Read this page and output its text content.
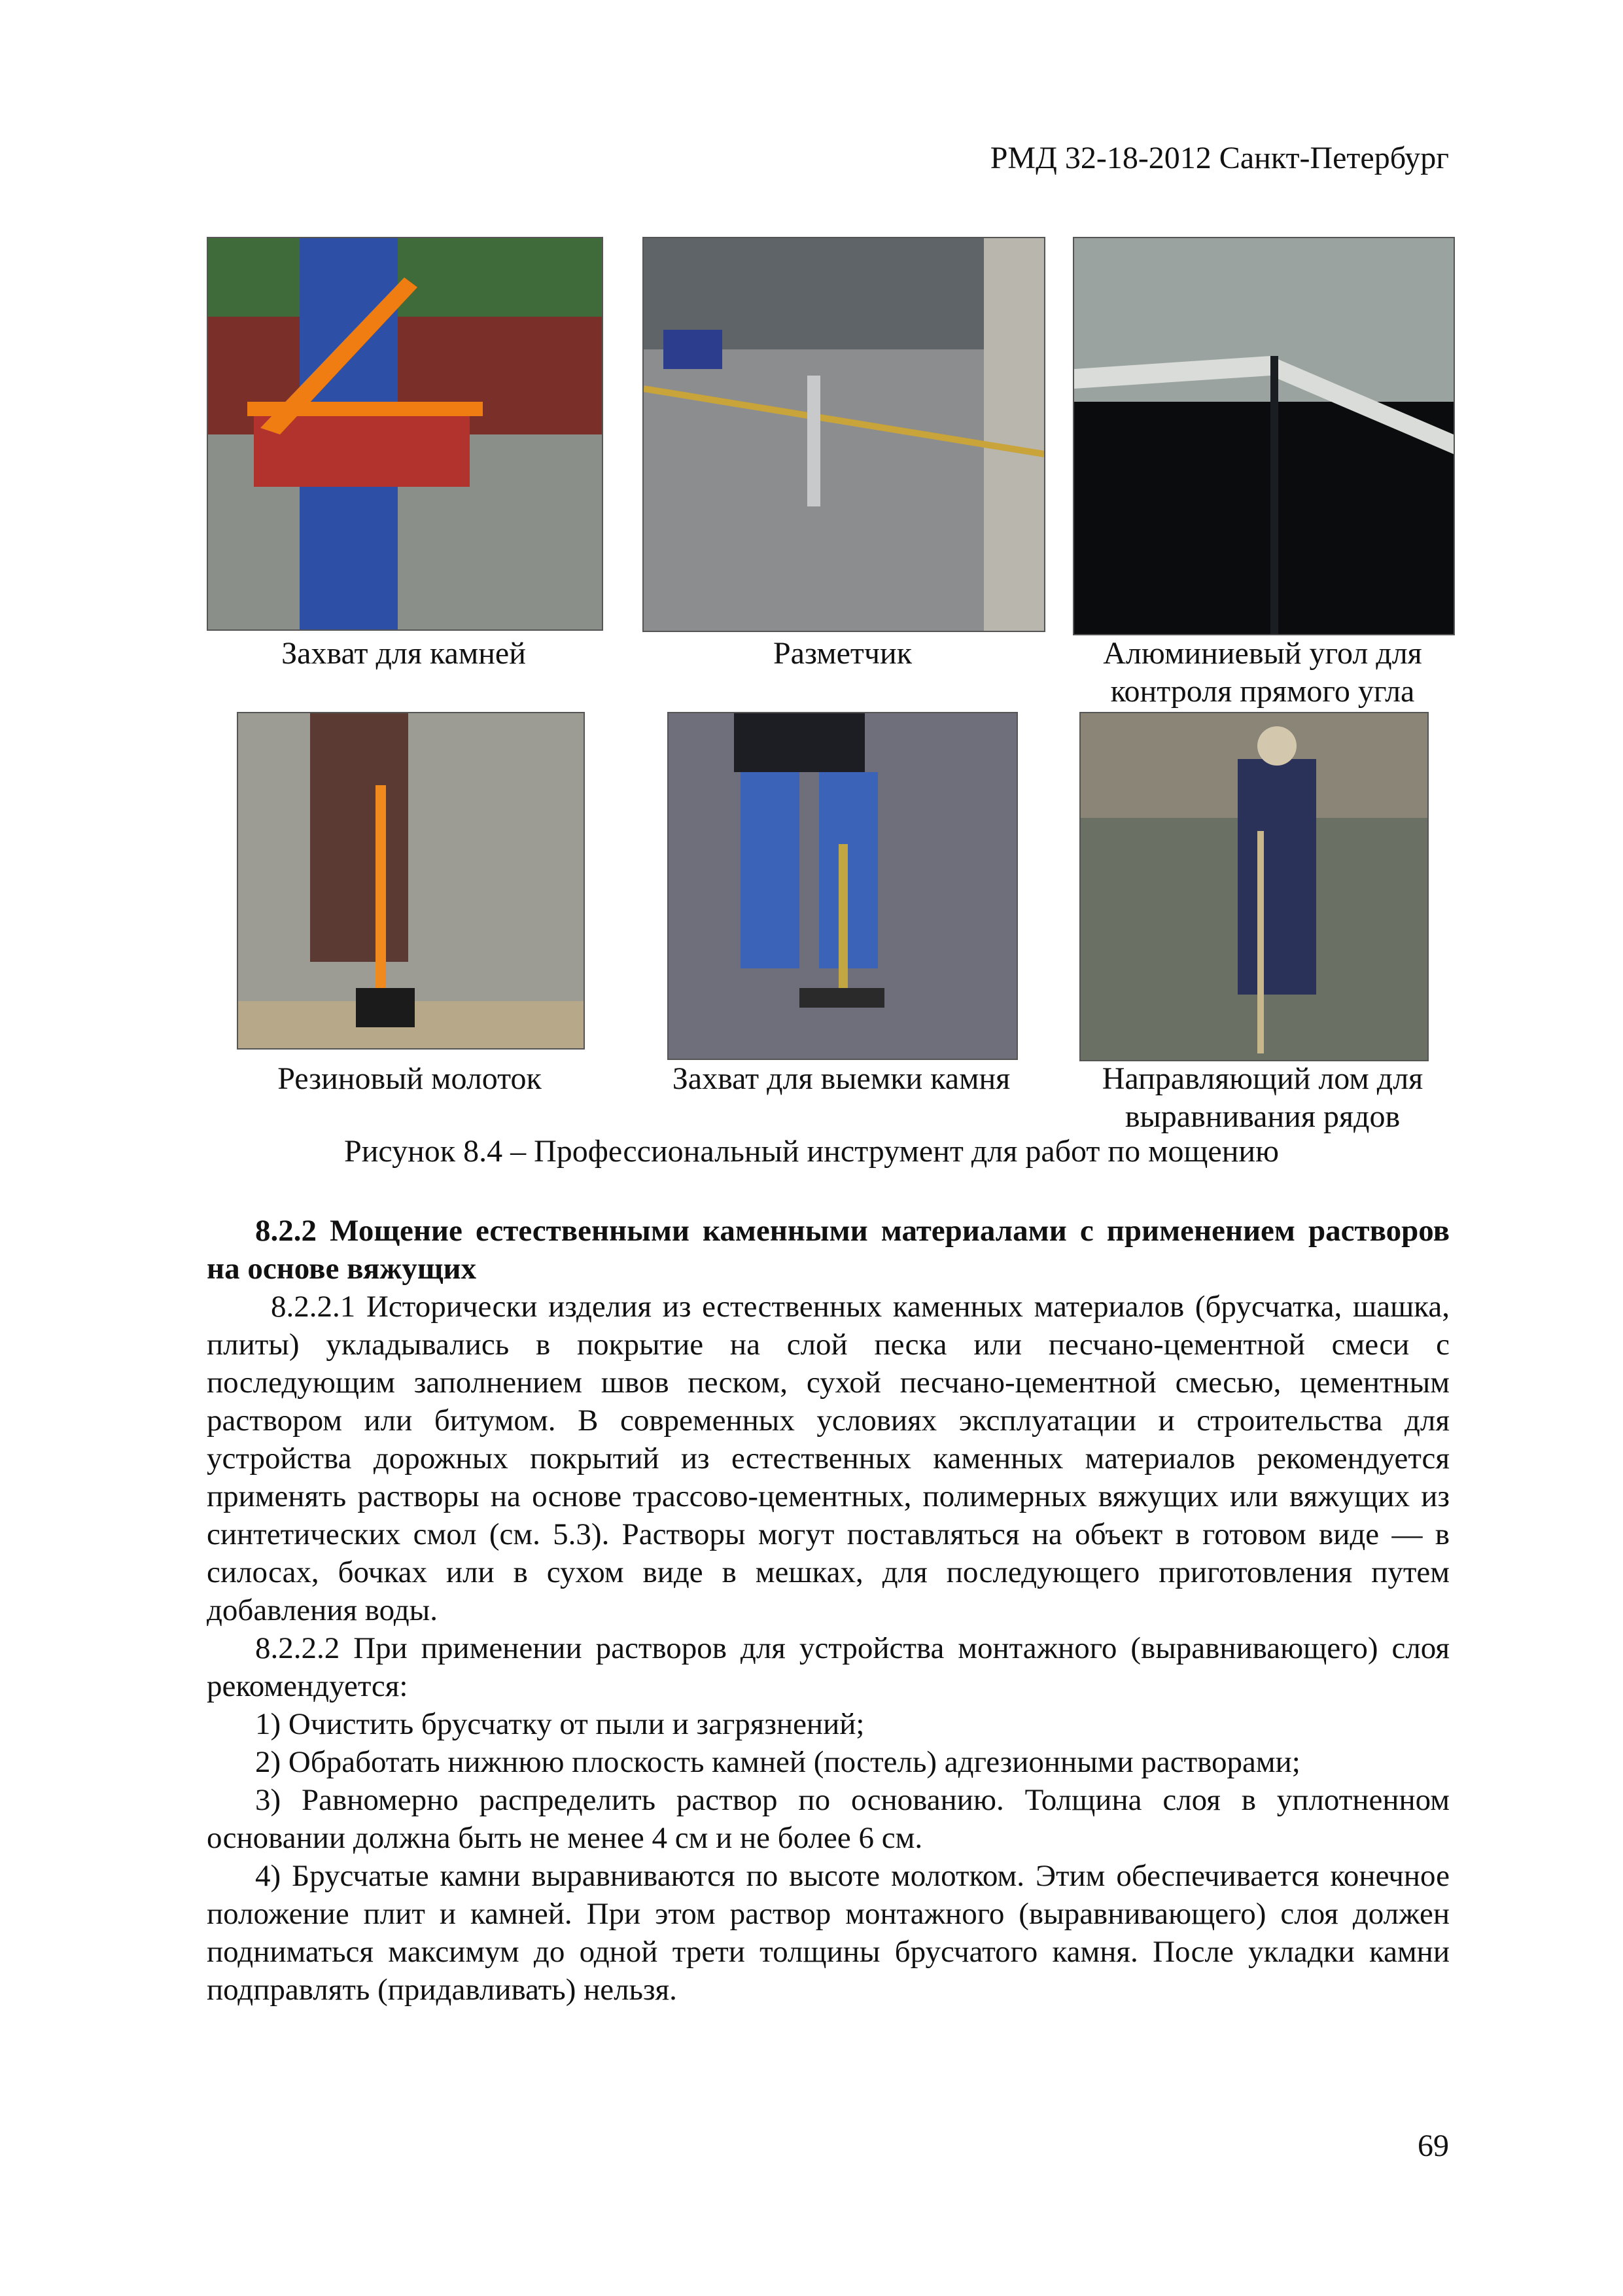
РМД 32-18-2012 Санкт-Петербург
Захват для камней	Разметчик	Алюминиевый угол для
контроля прямого угла
Резиновый молоток	Захват для выемки камня	Направляющий лом для
выравнивания рядов
Рисунок 8.4 – Профессиональный инструмент для работ по мощению

8.2.2 Мощение естественными каменными материалами с применением растворов на основе вяжущих

8.2.2.1 Исторически изделия из естественных каменных материалов (брусчатка, шашка, плиты) укладывались в покрытие на слой песка или песчано-цементной смеси с последующим заполнением швов песком, сухой песчано-цементной смесью, цементным раствором или битумом. В современных условиях эксплуатации и строительства для устройства дорожных покрытий из естественных каменных материалов рекомендуется применять растворы на основе трассово-цементных, полимерных вяжущих или вяжущих из синтетических смол (см. 5.3). Растворы могут поставляться на объект в готовом виде — в силосах, бочках или в сухом виде в мешках, для последующего приготовления путем добавления воды.

8.2.2.2 При применении растворов для устройства монтажного (выравнивающего) слоя рекомендуется:

1) Очистить брусчатку от пыли и загрязнений;

2) Обработать нижнюю плоскость камней (постель) адгезионными растворами;

3) Равномерно распределить раствор по основанию. Толщина слоя в уплотненном основании должна быть не менее 4 см и не более 6 см.

4) Брусчатые камни выравниваются по высоте молотком. Этим обеспечивается конечное положение плит и камней. При этом раствор монтажного (выравнивающего) слоя должен подниматься максимум до одной трети толщины брусчатого камня. После укладки камни подправлять (придавливать) нельзя.

69
